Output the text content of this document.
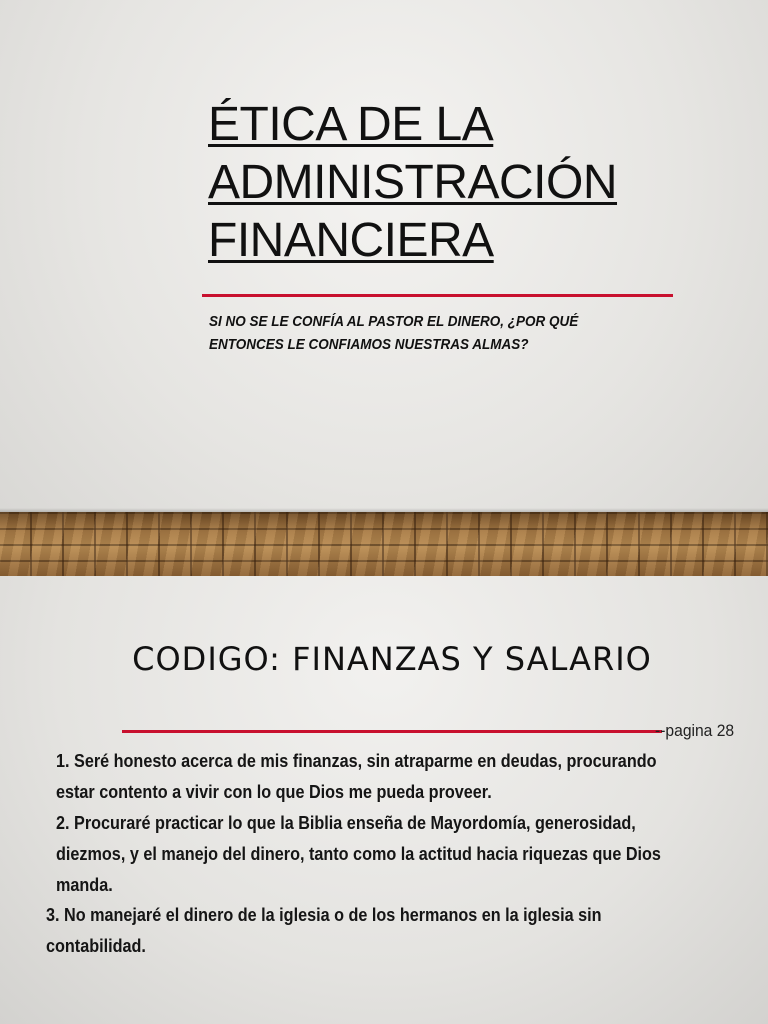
ÉTICA DE LA
ADMINISTRACIÓN
FINANCIERA
SI NO SE LE CONFÍA AL PASTOR EL DINERO, ¿POR QUÉ
ENTONCES LE CONFIAMOS NUESTRAS ALMAS?
CODIGO: FINANZAS Y SALARIO
--pagina 28
1. Seré honesto acerca de mis finanzas, sin atraparme en deudas, procurando
estar contento a vivir con lo que Dios me pueda proveer.
2. Procuraré practicar lo que la Biblia enseña de Mayordomía, generosidad,
diezmos, y el manejo del dinero, tanto como la actitud hacia riquezas que Dios
manda.
3. No manejaré el dinero de la iglesia o de los hermanos en la iglesia sin
contabilidad.
